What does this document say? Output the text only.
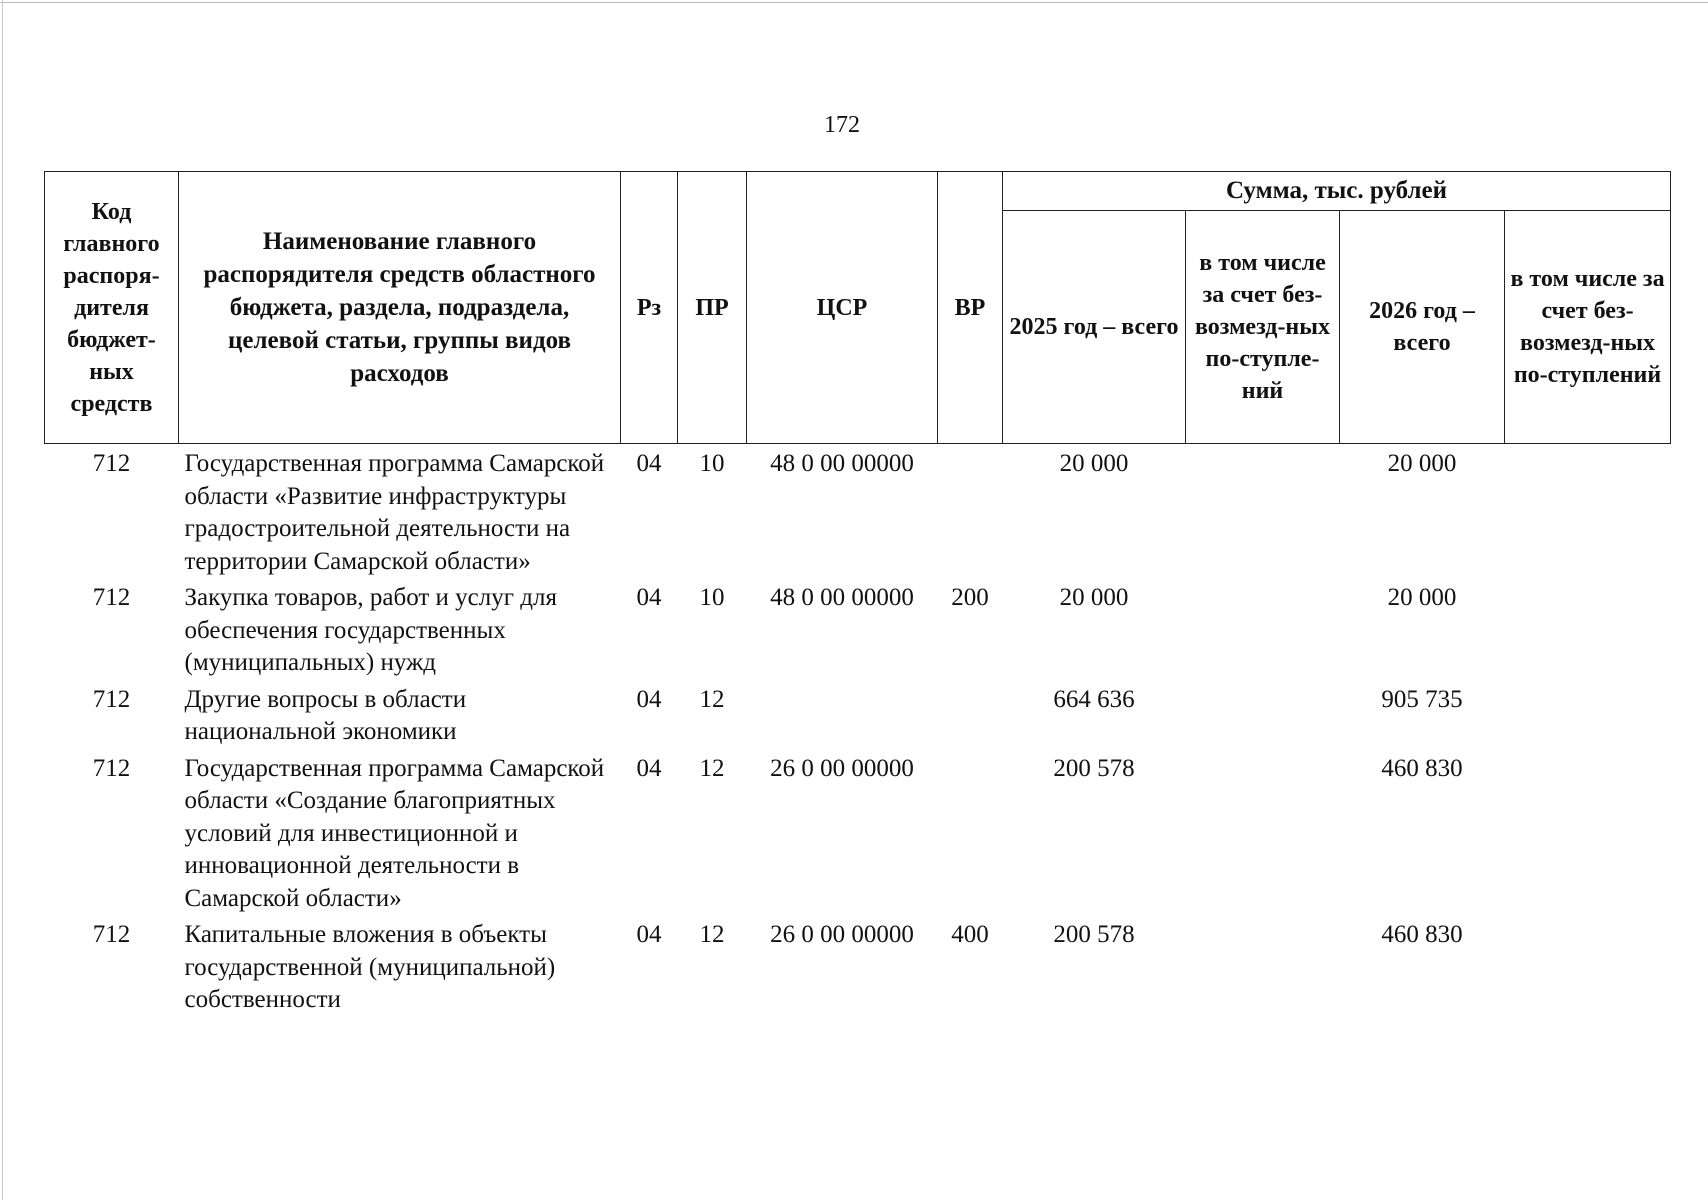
172
Код главного распоря-дителя бюджет-ных средств	Наименование главного распорядителя средств областного бюджета, раздела, подраздела, целевой статьи, группы видов расходов	Рз	ПР	ЦСР	ВР	Сумма, тыс. рублей			
						2025 год – всего	в том числе за счет без-возмезд-ных по-ступле-ний	2026 год – всего	в том числе за счет без-возмезд-ных по-ступлений
712	Государственная программа Самарской области «Развитие инфраструктуры градостроительной деятельности на территории Самарской области»	04	10	48 0 00 00000		20 000		20 000	
712	Закупка товаров, работ и услуг для обеспечения государственных (муниципальных) нужд	04	10	48 0 00 00000	200	20 000		20 000	
712	Другие вопросы в области национальной экономики	04	12			664 636		905 735	
712	Государственная программа Самарской области «Создание благоприятных условий для инвестиционной и инновационной деятельности в Самарской области»	04	12	26 0 00 00000		200 578		460 830	
712	Капитальные вложения в объекты государственной (муниципальной) собственности	04	12	26 0 00 00000	400	200 578		460 830	
